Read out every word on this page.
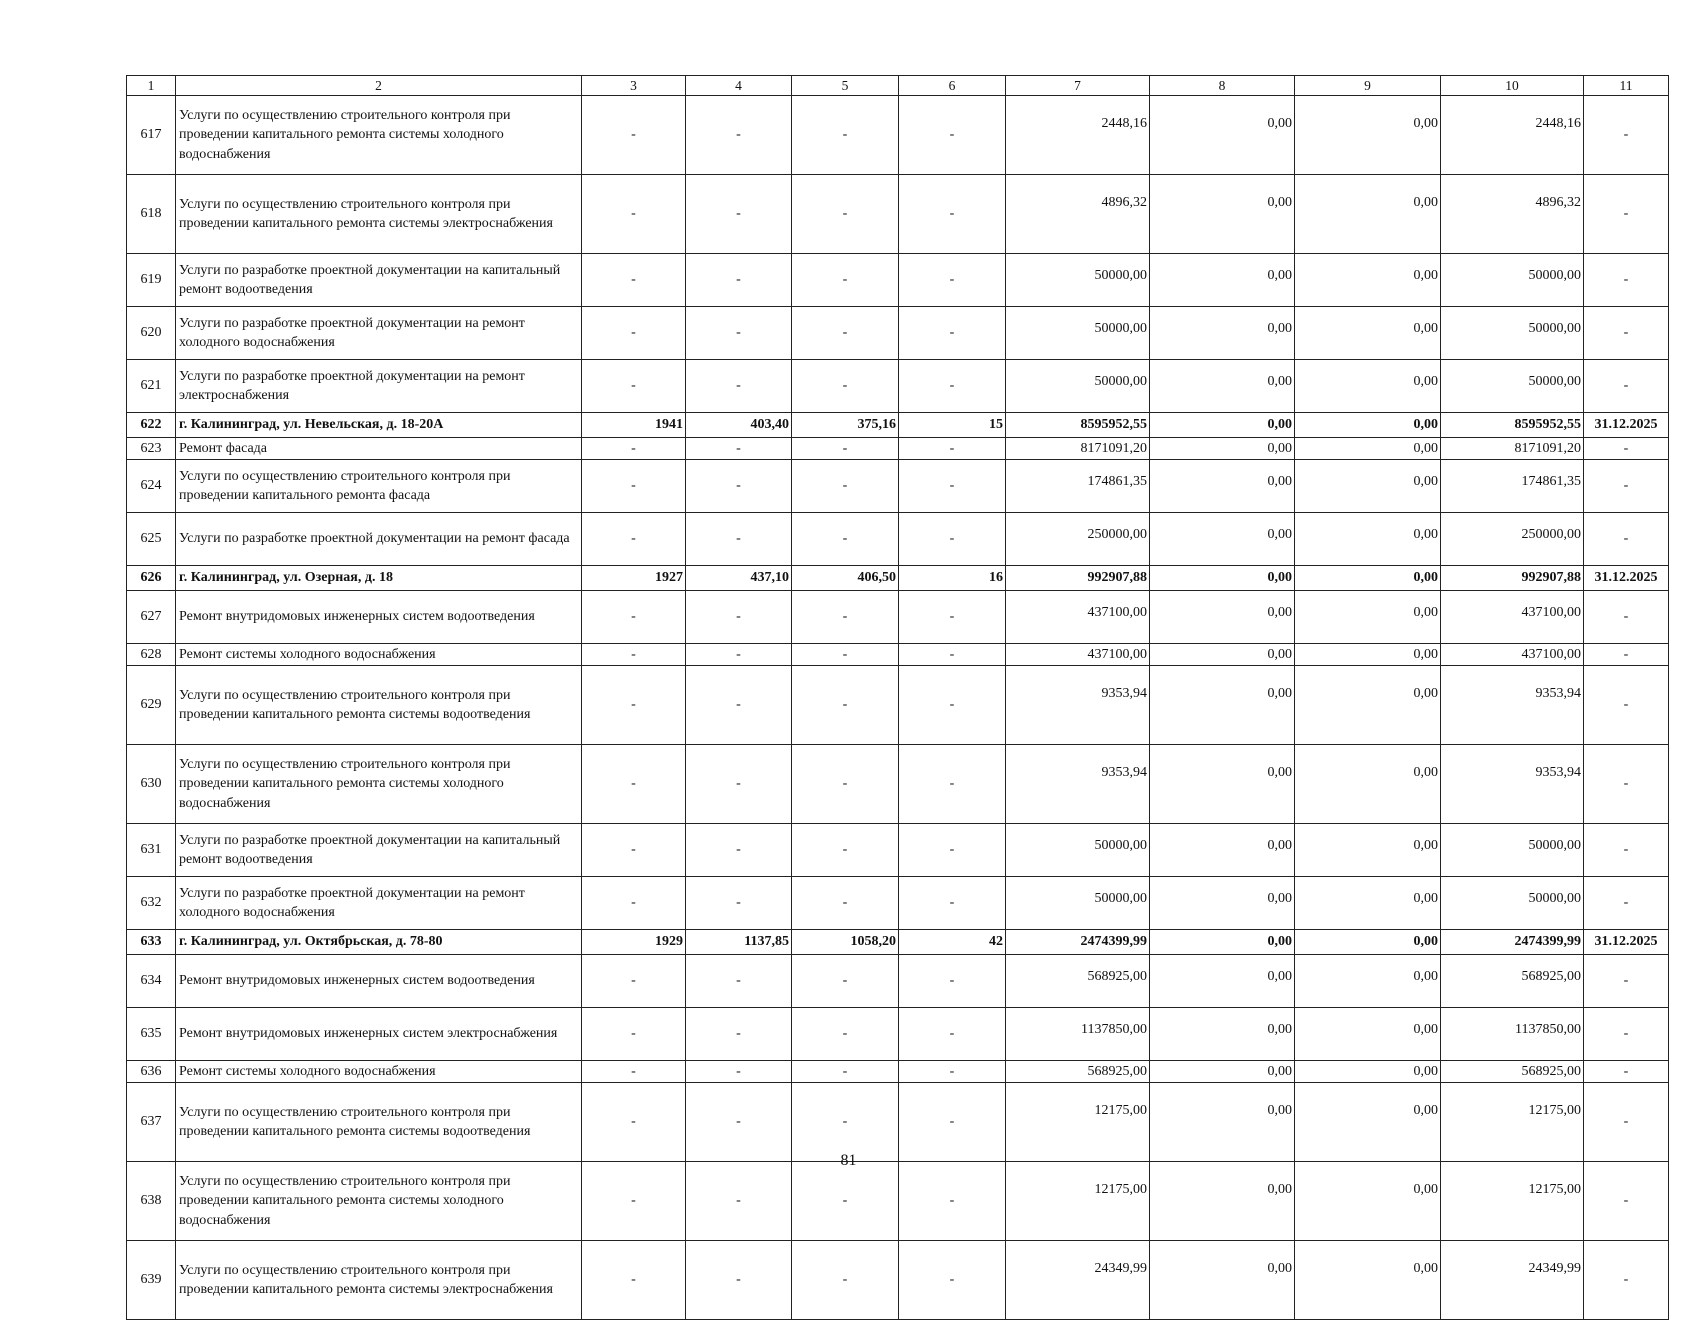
1	2	3	4	5	6	7	8	9	10	11
617	Услуги по осуществлению строительного контроля при проведении капитального ремонта системы холодного водоснабжения	-	-	-	-	2448,16	0,00	0,00	2448,16	-
618	Услуги по осуществлению строительного контроля при проведении капитального ремонта системы электроснабжения	-	-	-	-	4896,32	0,00	0,00	4896,32	-
619	Услуги по разработке проектной документации на капитальный ремонт водоотведения	-	-	-	-	50000,00	0,00	0,00	50000,00	-
620	Услуги по разработке проектной документации на ремонт холодного водоснабжения	-	-	-	-	50000,00	0,00	0,00	50000,00	-
621	Услуги по разработке проектной документации на ремонт электроснабжения	-	-	-	-	50000,00	0,00	0,00	50000,00	-
622	г. Калининград, ул. Невельская, д. 18-20А	1941	403,40	375,16	15	8595952,55	0,00	0,00	8595952,55	31.12.2025
623	Ремонт фасада	-	-	-	-	8171091,20	0,00	0,00	8171091,20	-
624	Услуги по осуществлению строительного контроля при проведении капитального ремонта фасада	-	-	-	-	174861,35	0,00	0,00	174861,35	-
625	Услуги по разработке проектной документации на ремонт фасада	-	-	-	-	250000,00	0,00	0,00	250000,00	-
626	г. Калининград, ул. Озерная, д. 18	1927	437,10	406,50	16	992907,88	0,00	0,00	992907,88	31.12.2025
627	Ремонт внутридомовых инженерных систем водоотведения	-	-	-	-	437100,00	0,00	0,00	437100,00	-
628	Ремонт системы холодного водоснабжения	-	-	-	-	437100,00	0,00	0,00	437100,00	-
629	Услуги по осуществлению строительного контроля при проведении капитального ремонта системы водоотведения	-	-	-	-	9353,94	0,00	0,00	9353,94	-
630	Услуги по осуществлению строительного контроля при проведении капитального ремонта системы холодного водоснабжения	-	-	-	-	9353,94	0,00	0,00	9353,94	-
631	Услуги по разработке проектной документации на капитальный ремонт водоотведения	-	-	-	-	50000,00	0,00	0,00	50000,00	-
632	Услуги по разработке проектной документации на ремонт холодного водоснабжения	-	-	-	-	50000,00	0,00	0,00	50000,00	-
633	г. Калининград, ул. Октябрьская, д. 78-80	1929	1137,85	1058,20	42	2474399,99	0,00	0,00	2474399,99	31.12.2025
634	Ремонт внутридомовых инженерных систем водоотведения	-	-	-	-	568925,00	0,00	0,00	568925,00	-
635	Ремонт внутридомовых инженерных систем электроснабжения	-	-	-	-	1137850,00	0,00	0,00	1137850,00	-
636	Ремонт системы холодного водоснабжения	-	-	-	-	568925,00	0,00	0,00	568925,00	-
637	Услуги по осуществлению строительного контроля при проведении капитального ремонта системы водоотведения	-	-	-	-	12175,00	0,00	0,00	12175,00	-
638	Услуги по осуществлению строительного контроля при проведении капитального ремонта системы холодного водоснабжения	-	-	-	-	12175,00	0,00	0,00	12175,00	-
639	Услуги по осуществлению строительного контроля при проведении капитального ремонта системы электроснабжения	-	-	-	-	24349,99	0,00	0,00	24349,99	-
81
